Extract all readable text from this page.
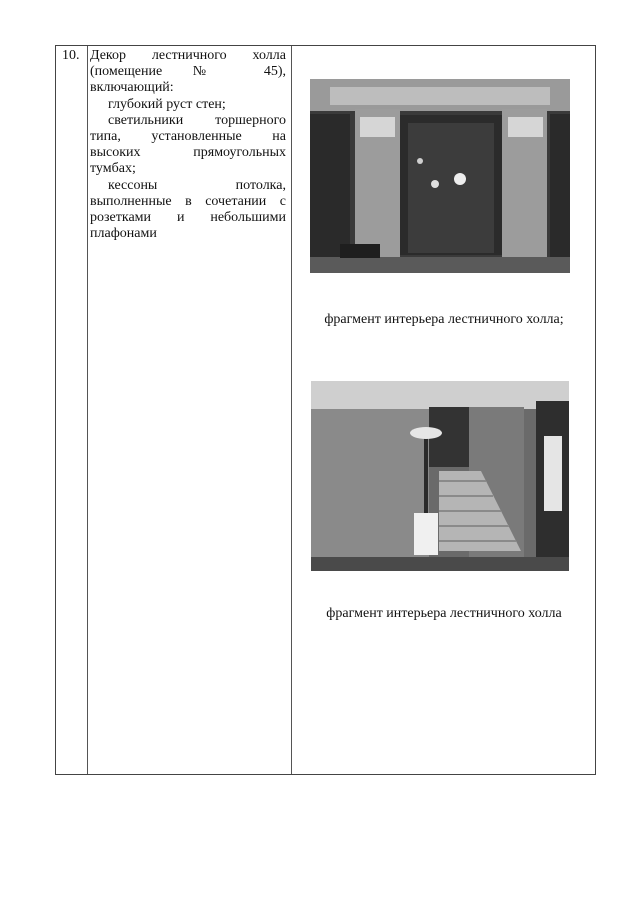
10. Декор лестничного холла
(помещение № 45),
включающий:
глубокий руст стен;
светильники торшерного
типа, установленные на
высоких прямоугольных
тумбах;
кессоны потолка,
выполненные в сочетании с
розетками и небольшими
плафонами
фрагмент интерьера лестничного холла;
фрагмент интерьера лестничного холла
